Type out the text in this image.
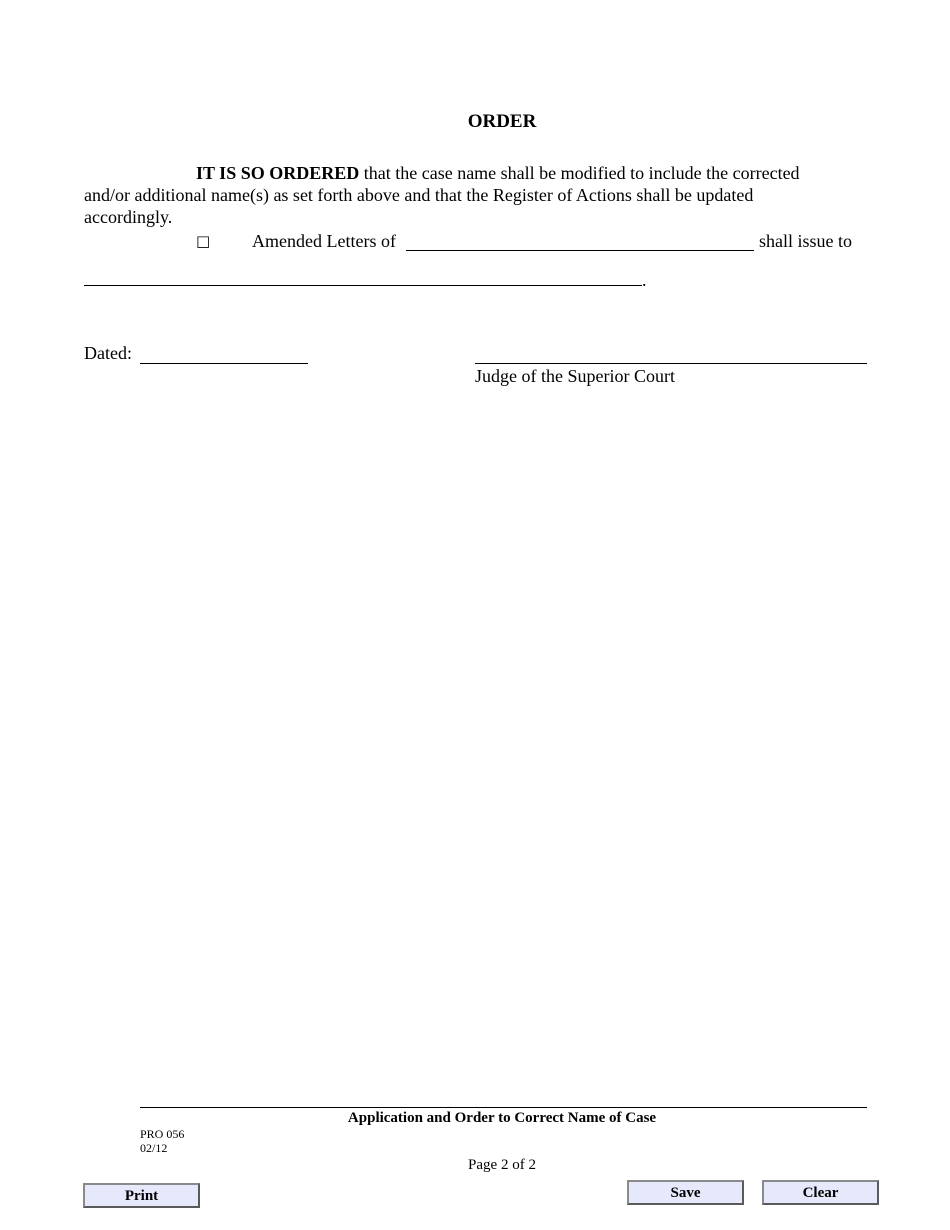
ORDER
IT IS SO ORDERED that the case name shall be modified to include the corrected and/or additional name(s) as set forth above and that the Register of Actions shall be updated accordingly.
□ Amended Letters of	shall issue to
.
Dated:
Judge of the Superior Court
Application and Order to Correct Name of Case
PRO 056
02/12
Page 2 of 2
Print	Save	Clear
